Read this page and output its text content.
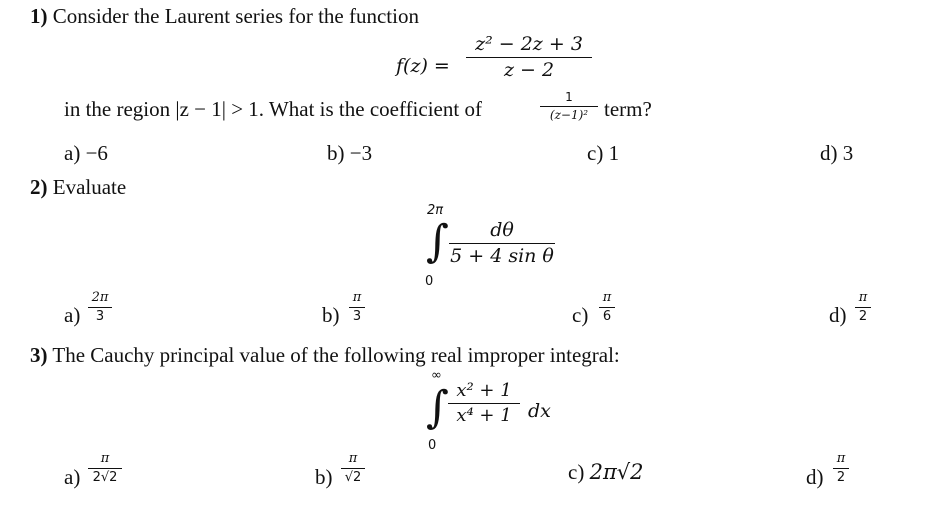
1) Consider the Laurent series for the function
f(z) =
z² − 2z + 3
z − 2
in the region |z − 1| > 1. What is the coefficient of	1
(z−1)² term?
a) −6	b) −3	c) 1	d) 3
2) Evaluate
2π
∫
0
dθ
5 + 4 sin θ
a)
2π
3	b)
π
3	c)
π
6	d)
π
2
3) The Cauchy principal value of the following real improper integral:
∞
∫
0
x² + 1
x⁴ + 1 dx
a)
π
2√2	b)
π
√2	c) 2π√2	d)
π
2
